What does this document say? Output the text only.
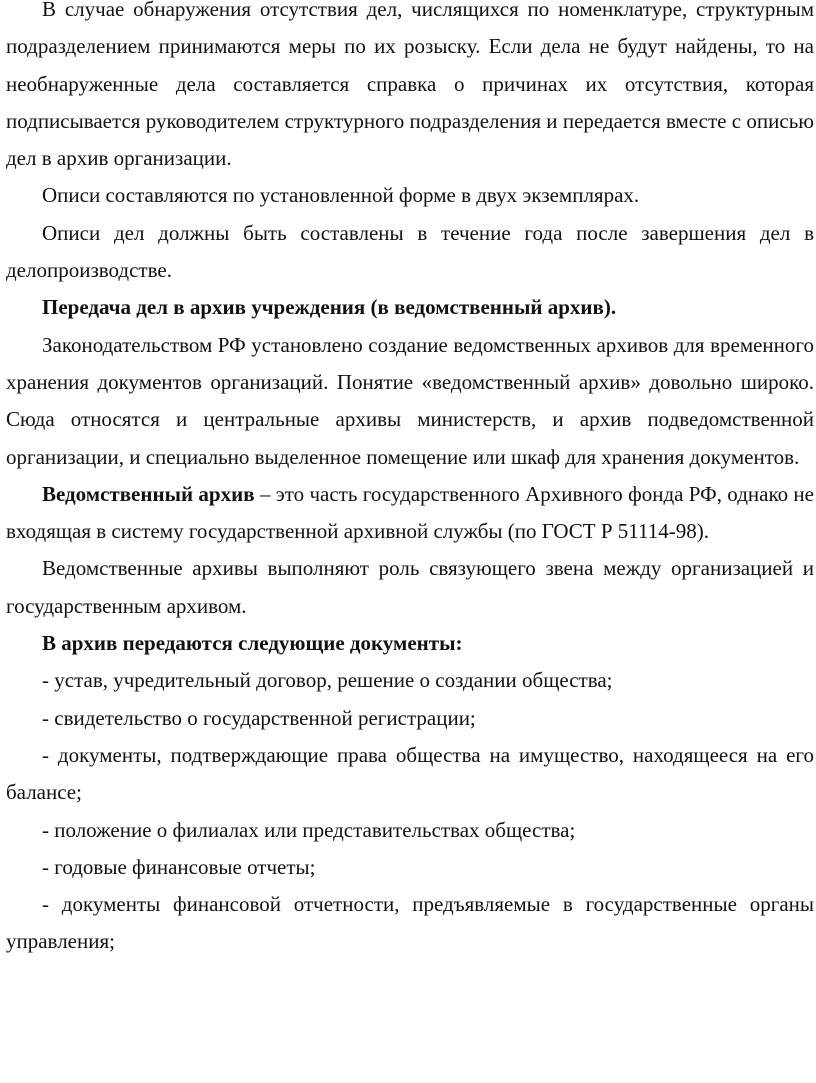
В случае обнаружения отсутствия дел, числящихся по номенклатуре, структурным подразделением принимаются меры по их розыску. Если дела не будут найдены, то на необнаруженные дела составляется справка о причинах их отсутствия, которая подписывается руководителем структурного подразделения и передается вместе с описью дел в архив организации.

Описи составляются по установленной форме в двух экземплярах.

Описи дел должны быть составлены в течение года после завершения дел в делопроизводстве.

Передача дел в архив учреждения (в ведомственный архив).

Законодательством РФ установлено создание ведомственных архивов для временного хранения документов организаций. Понятие «ведомственный архив» довольно широко. Сюда относятся и центральные архивы министерств, и архив подведомственной организации, и специально выделенное помещение или шкаф для хранения документов.

Ведомственный архив – это часть государственного Архивного фонда РФ, однако не входящая в систему государственной архивной службы (по ГОСТ Р 51114-98).

Ведомственные архивы выполняют роль связующего звена между организацией и государственным архивом.

В архив передаются следующие документы:

- устав, учредительный договор, решение о создании общества;

- свидетельство о государственной регистрации;

- документы, подтверждающие права общества на имущество, находящееся на его балансе;

- положение о филиалах или представительствах общества;

- годовые финансовые отчеты;

- документы финансовой отчетности, предъявляемые в государственные органы управления;
